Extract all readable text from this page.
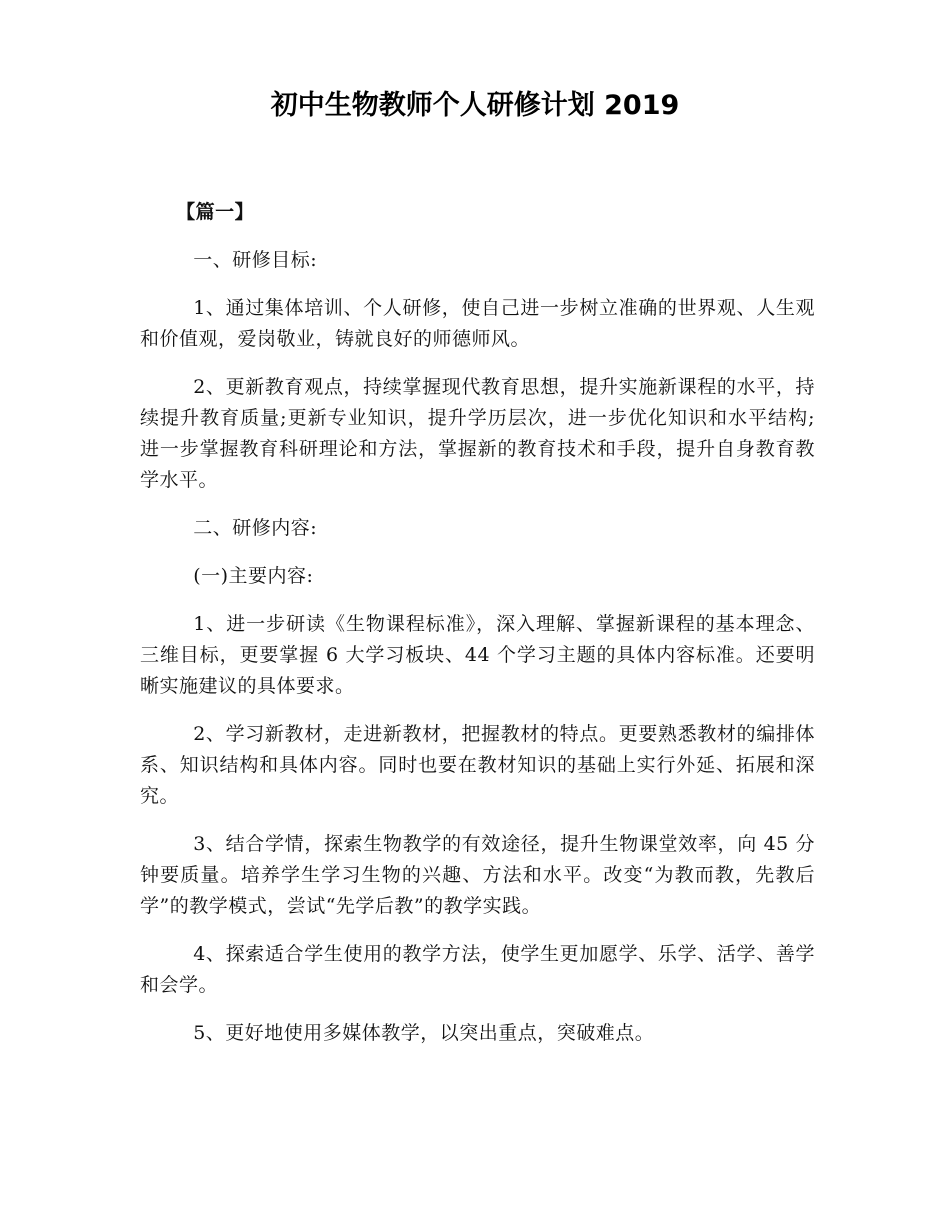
初中生物教师个人研修计划 2019

【篇一】

一、研修目标:

1、通过集体培训、个人研修，使自己进一步树立准确的世界观、人生观和价值观，爱岗敬业，铸就良好的师德师风。

2、更新教育观点，持续掌握现代教育思想，提升实施新课程的水平，持续提升教育质量;更新专业知识，提升学历层次，进一步优化知识和水平结构;进一步掌握教育科研理论和方法，掌握新的教育技术和手段，提升自身教育教学水平。

二、研修内容:

(一)主要内容:

1、进一步研读《生物课程标准》，深入理解、掌握新课程的基本理念、三维目标，更要掌握 6 大学习板块、44 个学习主题的具体内容标准。还要明晰实施建议的具体要求。

2、学习新教材，走进新教材，把握教材的特点。更要熟悉教材的编排体系、知识结构和具体内容。同时也要在教材知识的基础上实行外延、拓展和深究。

3、结合学情，探索生物教学的有效途径，提升生物课堂效率，向 45 分钟要质量。培养学生学习生物的兴趣、方法和水平。改变“为教而教，先教后学”的教学模式，尝试“先学后教”的教学实践。

4、探索适合学生使用的教学方法，使学生更加愿学、乐学、活学、善学和会学。

5、更好地使用多媒体教学，以突出重点，突破难点。
